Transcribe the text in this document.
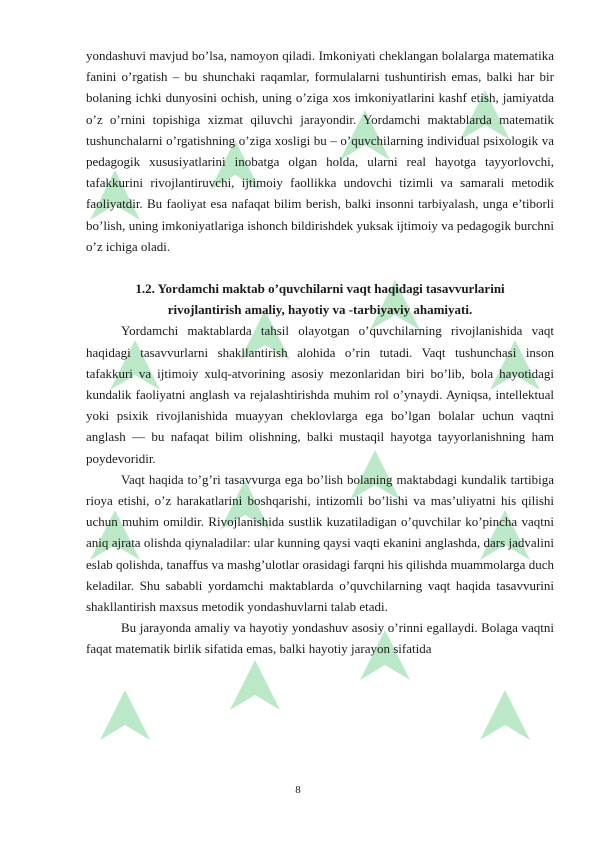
yondashuvi mavjud bo’lsa, namoyon qiladi. Imkoniyati cheklangan bolalarga matematika fanini o’rgatish – bu shunchaki raqamlar, formulalarni tushuntirish emas, balki har bir bolaning ichki dunyosini ochish, uning o’ziga xos imkoniyatlarini kashf etish, jamiyatda o’z o’rnini topishiga xizmat qiluvchi jarayondir. Yordamchi maktablarda matematik tushunchalarni o’rgatishning o’ziga xosligi bu – o’quvchilarning individual psixologik va pedagogik xususiyatlarini inobatga olgan holda, ularni real hayotga tayyorlovchi, tafakkurini rivojlantiruvchi, ijtimoiy faollikka undovchi tizimli va samarali metodik faoliyatdir. Bu faoliyat esa nafaqat bilim berish, balki insonni tarbiyalash, unga e’tiborli bo’lish, uning imkoniyatlariga ishonch bildirishdek yuksak ijtimoiy va pedagogik burchni o’z ichiga oladi.

1.2. Yordamchi maktab o’quvchilarni vaqt haqidagi tasavvurlarini
rivojlantirish amaliy, hayotiy va -tarbiyaviy ahamiyati.

Yordamchi maktablarda tahsil olayotgan o’quvchilarning rivojlanishida vaqt haqidagi tasavvurlarni shakllantirish alohida o’rin tutadi. Vaqt tushunchasi inson tafakkuri va ijtimoiy xulq-atvorining asosiy mezonlaridan biri bo’lib, bola hayotidagi kundalik faoliyatni anglash va rejalashtirishda muhim rol o’ynaydi. Ayniqsa, intellektual yoki psixik rivojlanishida muayyan cheklovlarga ega bo’lgan bolalar uchun vaqtni anglash — bu nafaqat bilim olishning, balki mustaqil hayotga tayyorlanishning ham poydevoridir.

Vaqt haqida to’g’ri tasavvurga ega bo’lish bolaning maktabdagi kundalik tartibiga rioya etishi, o’z harakatlarini boshqarishi, intizomli bo’lishi va mas’uliyatni his qilishi uchun muhim omildir. Rivojlanishida sustlik kuzatiladigan o’quvchilar ko’pincha vaqtni aniq ajrata olishda qiynaladilar: ular kunning qaysi vaqti ekanini anglashda, dars jadvalini eslab qolishda, tanaffus va mashg’ulotlar orasidagi farqni his qilishda muammolarga duch keladilar. Shu sababli yordamchi maktablarda o’quvchilarning vaqt haqida tasavvurini shakllantirish maxsus metodik yondashuvlarni talab etadi.

Bu jarayonda amaliy va hayotiy yondashuv asosiy o’rinni egallaydi. Bolaga vaqtni faqat matematik birlik sifatida emas, balki hayotiy jarayon sifatida

8
